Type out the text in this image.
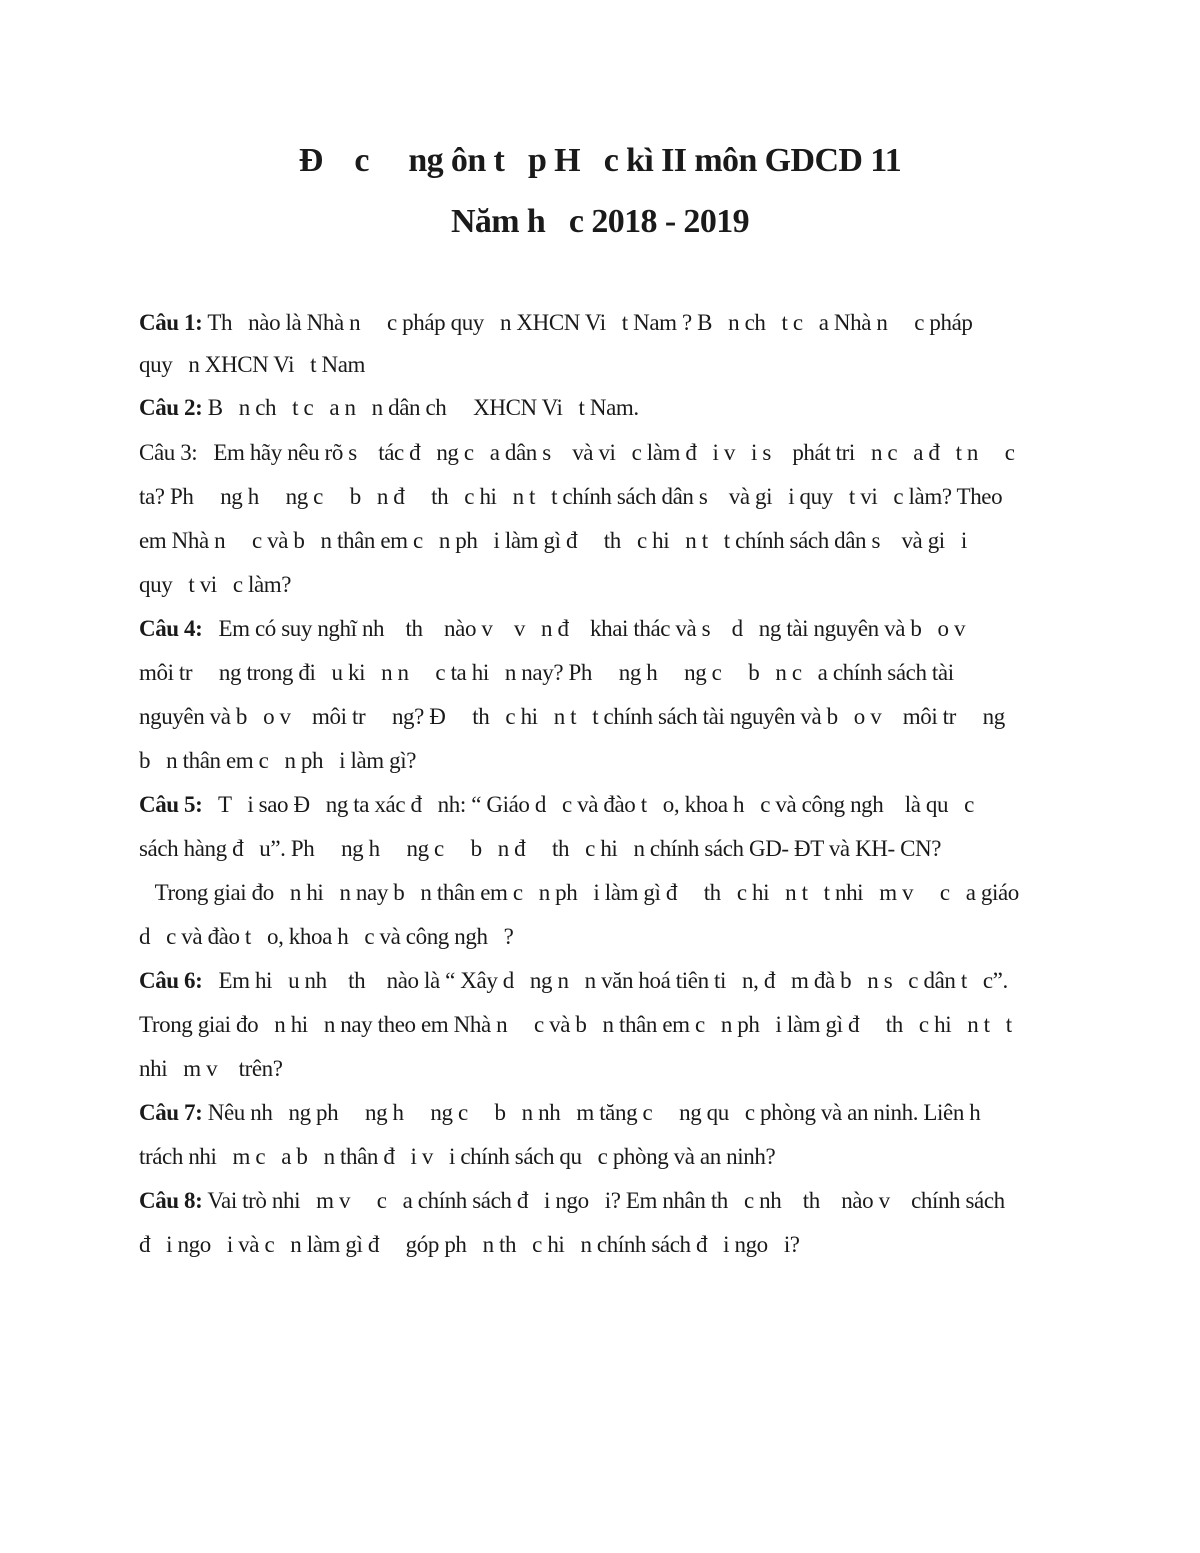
Đ    c     ng ôn t   p H   c kì II môn GDCD 11
Năm h   c 2018 - 2019
Câu 1: Th   nào là Nhà n     c pháp quy   n XHCN Vi   t Nam ? B   n ch   t c   a Nhà n     c pháp
quy   n XHCN Vi   t Nam
Câu 2: B   n ch   t c   a n   n dân ch     XHCN Vi   t Nam.
Câu 3:   Em hãy nêu rõ s    tác đ   ng c   a dân s    và vi   c làm đ   i v   i s    phát tri   n c   a đ   t n     c
ta? Ph     ng h     ng c     b   n đ     th   c hi   n t   t chính sách dân s    và gi   i quy   t vi   c làm? Theo
em Nhà n     c và b   n thân em c   n ph   i làm gì đ     th   c hi   n t   t chính sách dân s    và gi   i
quy   t vi   c làm?
Câu 4:   Em có suy nghĩ nh    th    nào v    v   n đ    khai thác và s    d   ng tài nguyên và b   o v
môi tr     ng trong đi   u ki   n n     c ta hi   n nay? Ph     ng h     ng c     b   n c   a chính sách tài
nguyên và b   o v    môi tr     ng? Đ     th   c hi   n t   t chính sách tài nguyên và b   o v    môi tr     ng
b   n thân em c   n ph   i làm gì?
Câu 5:   T   i sao Đ   ng ta xác đ   nh: “ Giáo d   c và đào t   o, khoa h   c và công ngh    là qu   c
sách hàng đ   u”. Ph     ng h     ng c     b   n đ     th   c hi   n chính sách GD- ĐT và KH- CN?
Trong giai đo   n hi   n nay b   n thân em c   n ph   i làm gì đ     th   c hi   n t   t nhi   m v     c   a giáo
d   c và đào t   o, khoa h   c và công ngh   ?
Câu 6:   Em hi   u nh    th    nào là “ Xây d   ng n   n văn hoá tiên ti   n, đ   m đà b   n s   c dân t   c”.
Trong giai đo   n hi   n nay theo em Nhà n     c và b   n thân em c   n ph   i làm gì đ     th   c hi   n t   t
nhi   m v    trên?
Câu 7: Nêu nh   ng ph     ng h     ng c     b   n nh   m tăng c     ng qu   c phòng và an ninh. Liên h
trách nhi   m c   a b   n thân đ   i v   i chính sách qu   c phòng và an ninh?
Câu 8: Vai trò nhi   m v     c   a chính sách đ   i ngo   i? Em nhân th   c nh    th    nào v    chính sách
đ   i ngo   i và c   n làm gì đ     góp ph   n th   c hi   n chính sách đ   i ngo   i?
